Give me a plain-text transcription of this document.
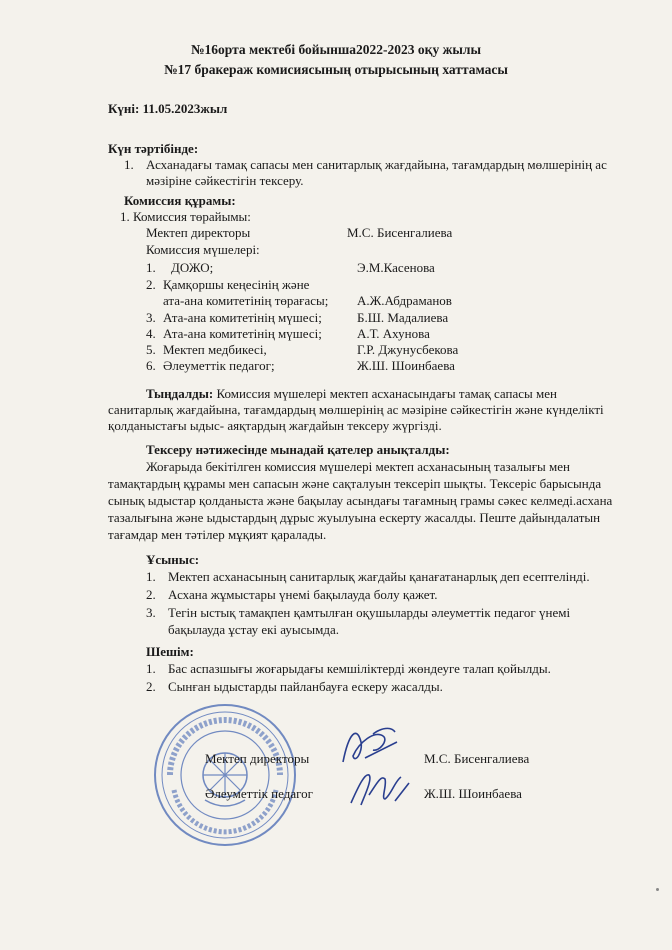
№16орта мектебі бойынша2022-2023 оқу жылы
№17 бракераж комисиясының отырысының хаттамасы
Күні: 11.05.2023жыл
Күн тәртібінде:
1. Асханадағы тамақ сапасы мен санитарлық жағдайына, тағамдардың мөлшерінің ас
мәзіріне сәйкестігін тексеру.
Комиссия құрамы:
1. Комиссия төрайымы:
Мектеп директоры	М.С. Бисенгалиева
Комиссия мүшелері:
1. ДОЖО;	Э.М.Касенова
2. Қамқоршы кеңесінің және
ата-ана комитетінің төрағасы; А.Ж.Абдраманов
3. Ата-ана комитетінің мүшесі;	Б.Ш. Мадалиева
4. Ата-ана комитетінің мүшесі;	А.Т. Ахунова
5. Мектеп медбикесі,	Г.Р. Джунусбекова
6. Әлеуметтік педагог;	Ж.Ш. Шоинбаева
Тыңдалды: Комиссия мүшелері мектеп асханасындағы тамақ сапасы мен
санитарлық жағдайына, тағамдардың мөлшерінің ас мәзіріне сәйкестігін және күнделікті
қолданыстағы ыдыс- аяқтардың жағдайын тексеру жүргізді.
Тексеру нәтижесінде мынадай қателер анықталды:
Жоғарыда бекітілген комиссия мүшелері мектеп асханасының тазалығы мен
тамақтардың құрамы мен сапасын және сақталуын тексеріп шықты. Тексеріс барысында
сынық ыдыстар қолданыста және бақылау асындағы тағамның грамы сәкес келмеді.асхана
тазалығына және ыдыстардың дұрыс жуылуына ескерту жасалды. Пеште дайындалатын
тағамдар мен тәтілер мұқият қаралады.
Ұсыныс:
1. Мектеп асханасының санитарлық жағдайы қанағатанарлық деп есептелінді.
2. Асхана жұмыстары үнемі бақылауда болу қажет.
3. Тегін ыстық тамақпен қамтылған оқушыларды әлеуметтік педагог үнемі
бақылауда ұстау екі ауысымда.
Шешім:
1. Бас аспазшығы жоғарыдағы кемшіліктерді жөндеуге талап қойылды.
2. Сынған ыдыстарды пайланбауға ескеру жасалды.
Мектеп директоры	М.С. Бисенгалиева
Әлеуметтік педагог	Ж.Ш. Шоинбаева
